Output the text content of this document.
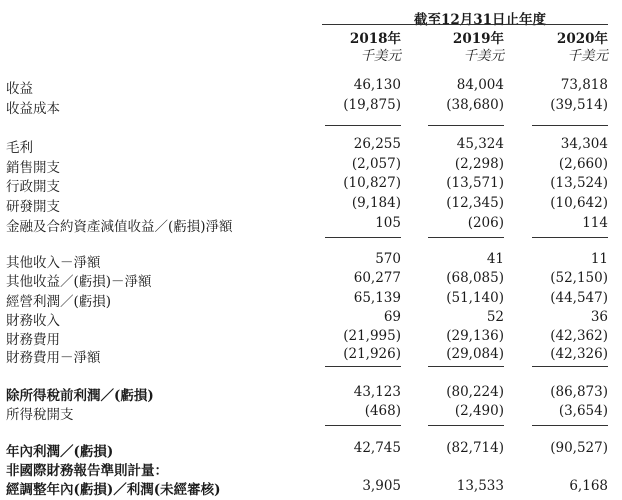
截至12月31日止年度
2018年	2019年	2020年
千美元	千美元	千美元
收益	46,130	84,004	73,818
收益成本	(19,875)	(38,680)	(39,514)
毛利	26,255	45,324	34,304
銷售開支	(2,057)	(2,298)	(2,660)
行政開支	(10,827)	(13,571)	(13,524)
研發開支	(9,184)	(12,345)	(10,642)
金融及合約資產減值收益／(虧損)淨額	105	(206)	114
其他收入－淨額	570	41	11
其他收益／(虧損)－淨額	60,277	(68,085)	(52,150)
經營利潤／(虧損)	65,139	(51,140)	(44,547)
財務收入	69	52	36
財務費用	(21,995)	(29,136)	(42,362)
財務費用－淨額	(21,926)	(29,084)	(42,326)
除所得稅前利潤／(虧損)	43,123	(80,224)	(86,873)
所得稅開支	(468)	(2,490)	(3,654)
年內利潤／(虧損)	42,745	(82,714)	(90,527)
非國際財務報告準則計量：
經調整年內(虧損)／利潤(未經審核)	3,905	13,533	6,168
